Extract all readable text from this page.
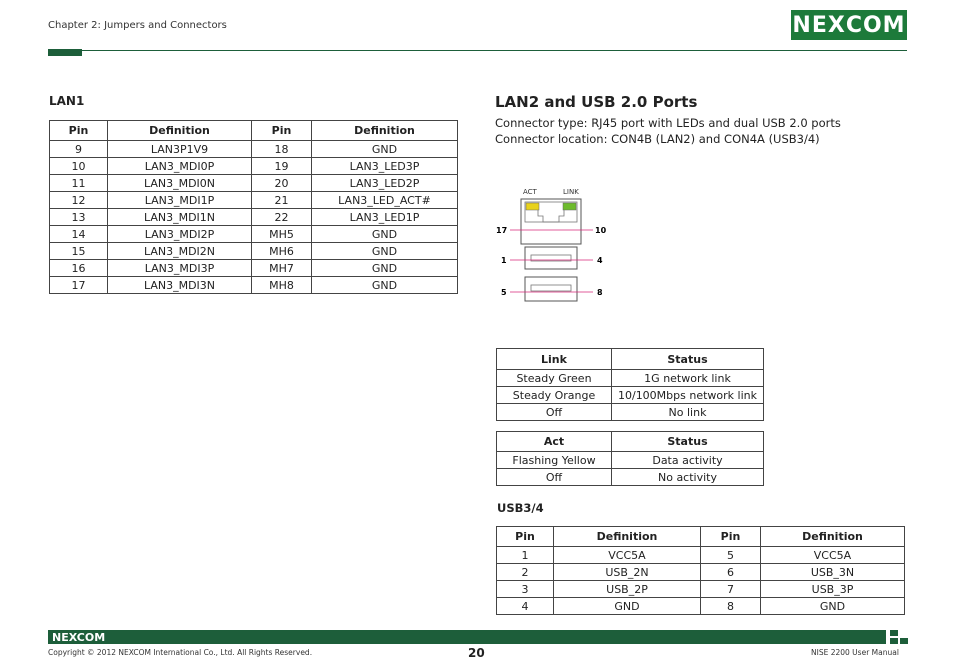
Chapter 2: Jumpers and Connectors	NE X COM
LAN1
Pin	Definition	Pin	Definition
9	LAN3P1V9	18	GND
10	LAN3_MDI0P	19	LAN3_LED3P
11	LAN3_MDI0N	20	LAN3_LED2P
12	LAN3_MDI1P	21	LAN3_LED_ACT#
13	LAN3_MDI1N	22	LAN3_LED1P
14	LAN3_MDI2P	MH5	GND
15	LAN3_MDI2N	MH6	GND
16	LAN3_MDI3P	MH7	GND
17	LAN3_MDI3N	MH8	GND
LAN2 and USB 2.0 Ports
Connector type: RJ45 port with LEDs and dual USB 2.0 ports
Connector location: CON4B (LAN2) and CON4A (USB3/4)
ACT	LINK
17	10
1	4
5	8
Link	Status
Steady Green	1G network link
Steady Orange	10/100Mbps network link
Off	No link
Act	Status
Flashing Yellow	Data activity
Off	No activity
USB3/4
Pin	Definition	Pin	Definition
1	VCC5A	5	VCC5A
2	USB_2N	6	USB_3N
3	USB_2P	7	USB_3P
4	GND	8	GND
NEXCOM
Copyright © 2012 NEXCOM International Co., Ltd. All Rights Reserved.	20	NISE 2200 User Manual
